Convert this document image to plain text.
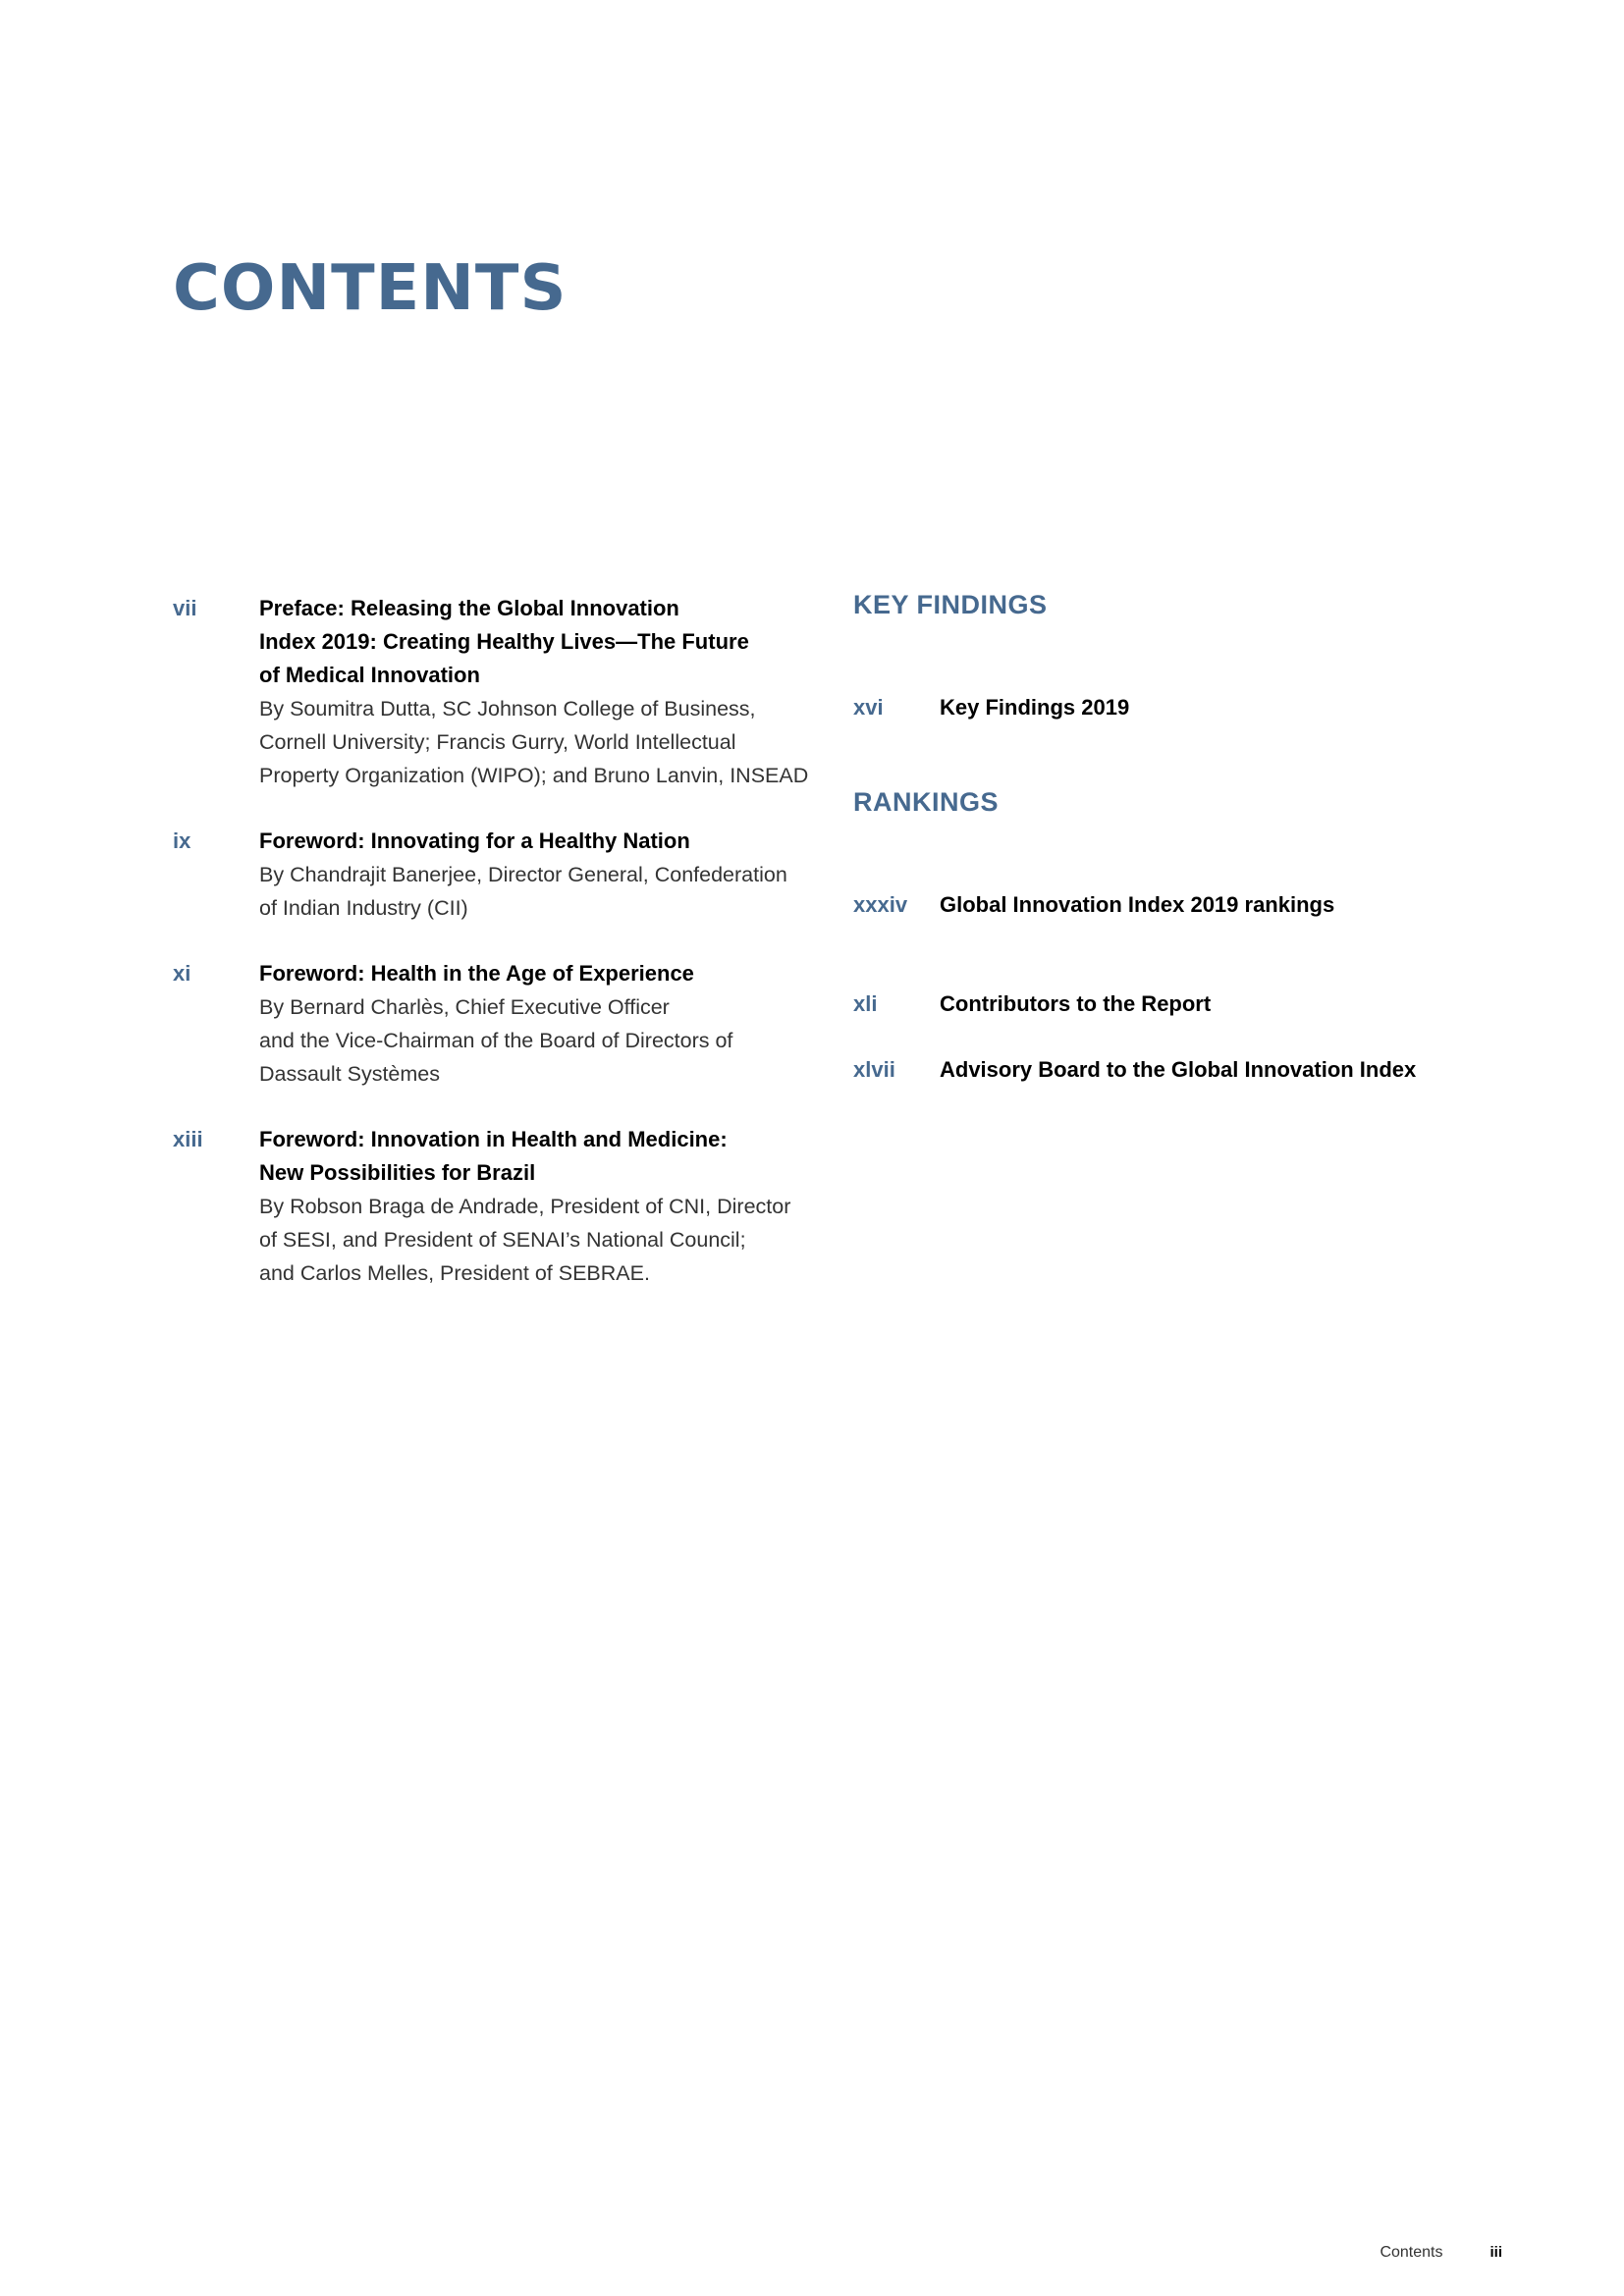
CONTENTS
vii	Preface: Releasing the Global Innovation
Index 2019: Creating Healthy Lives—The Future
of Medical Innovation
By Soumitra Dutta, SC Johnson College of Business,
Cornell University; Francis Gurry, World Intellectual
Property Organization (WIPO); and Bruno Lanvin, INSEAD
ix	Foreword: Innovating for a Healthy Nation
By Chandrajit Banerjee, Director General, Confederation
of Indian Industry (CII)
xi	Foreword: Health in the Age of Experience
By Bernard Charlès, Chief Executive Officer
and the Vice-Chairman of the Board of Directors of
Dassault Systèmes
xiii	Foreword: Innovation in Health and Medicine:
New Possibilities for Brazil
By Robson Braga de Andrade, President of CNI, Director
of SESI, and President of SENAI’s National Council;
and Carlos Melles, President of SEBRAE.
KEY FINDINGS
xvi	Key Findings 2019
RANKINGS
xxxiv	Global Innovation Index 2019 rankings
xli	Contributors to the Report
xlvii	Advisory Board to the Global Innovation Index
Contents	iii
